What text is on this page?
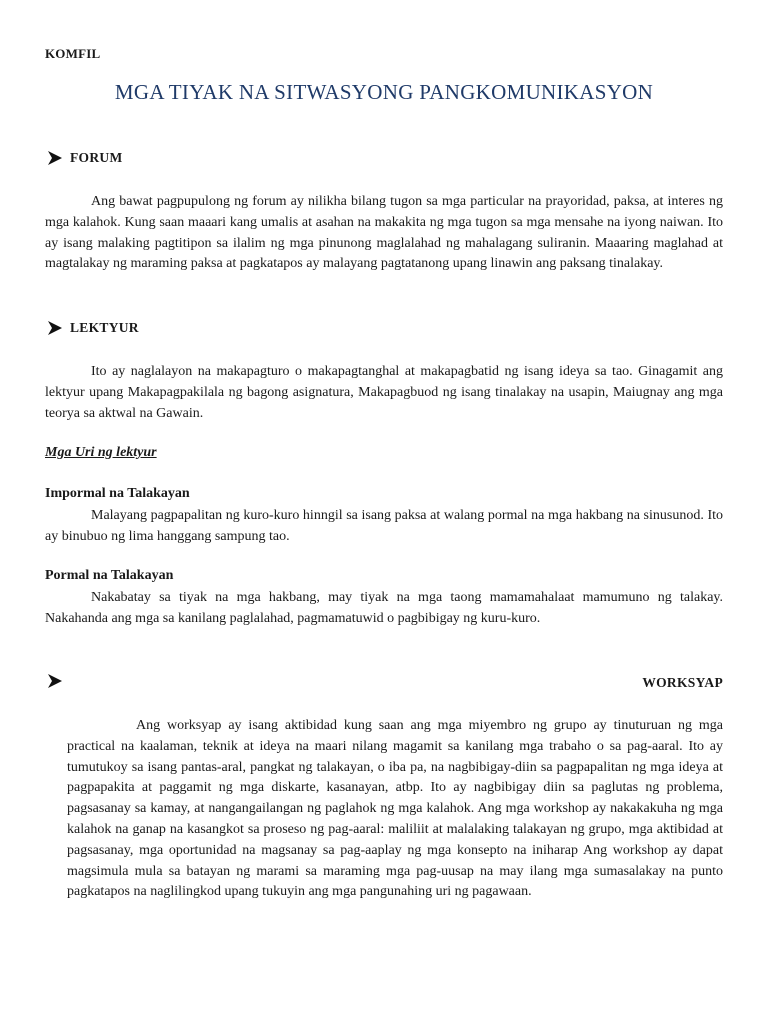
KOMFIL
MGA TIYAK NA SITWASYONG PANGKOMUNIKASYON
FORUM

Ang bawat pagpupulong ng forum ay nilikha bilang tugon sa mga particular na prayoridad, paksa, at interes ng mga kalahok. Kung saan maaari kang umalis at asahan na makakita ng mga tugon sa mga mensahe na iyong naiwan. Ito ay isang malaking pagtitipon sa ilalim ng mga pinunong maglalahad ng mahalagang suliranin. Maaaring maglahad at magtalakay ng maraming paksa at pagkatapos ay malayang pagtatanong upang linawin ang paksang tinalakay.

LEKTYUR

Ito ay naglalayon na makapagturo o makapagtanghal at makapagbatid ng isang ideya sa tao. Ginagamit ang lektyur upang Makapagpakilala ng bagong asignatura, Makapagbuod ng isang tinalakay na usapin, Maiugnay ang mga teorya sa aktwal na Gawain.

Mga Uri ng lektyur
Impormal na Talakayan

Malayang pagpapalitan ng kuro-kuro hinngil sa isang paksa at walang pormal na mga hakbang na sinusunod. Ito ay binubuo ng lima hanggang sampung tao.

Pormal na Talakayan

Nakabatay sa tiyak na mga hakbang, may tiyak na mga taong mamamahalaat mamumuno ng talakay. Nakahanda ang mga sa kanilang paglalahad, pagmamatuwid o pagbibigay ng kuru-kuro.

WORKSYAP

Ang worksyap ay isang aktibidad kung saan ang mga miyembro ng grupo ay tinuturuan ng mga practical na kaalaman, teknik at ideya na maari nilang magamit sa kanilang mga trabaho o sa pag-aaral. Ito ay tumutukoy sa isang pantas-aral, pangkat ng talakayan, o iba pa, na nagbibigay-diin sa pagpapalitan ng mga ideya at pagpapakita at paggamit ng mga diskarte, kasanayan, atbp. Ito ay nagbibigay diin sa paglutas ng problema, pagsasanay sa kamay, at nangangailangan ng paglahok ng mga kalahok. Ang mga workshop ay nakakakuha ng mga kalahok na ganap na kasangkot sa proseso ng pag-aaral: maliliit at malalaking talakayan ng grupo, mga aktibidad at pagsasanay, mga oportunidad na magsanay sa pag-aaplay ng mga konsepto na iniharap Ang workshop ay dapat magsimula mula sa batayan ng marami sa maraming mga pag-uusap na may ilang mga sumasalakay na punto pagkatapos na naglilingkod upang tukuyin ang mga pangunahing uri ng pagawaan.
